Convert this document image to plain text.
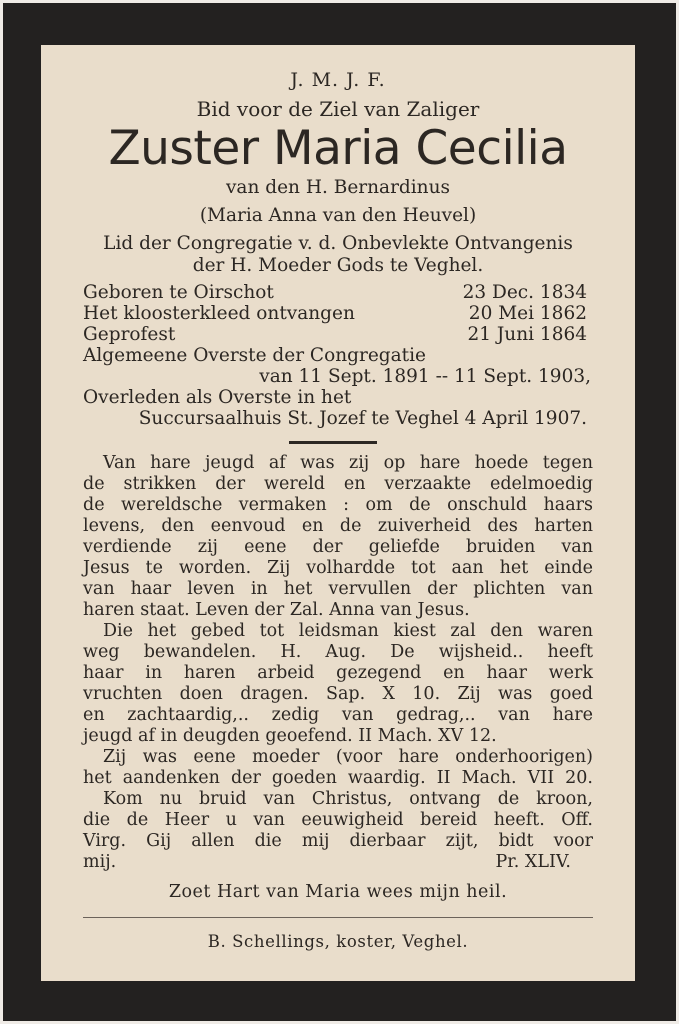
J. M. J. F.
Bid voor de Ziel van Zaliger
Zuster Maria Cecilia
van den H. Bernardinus
(Maria Anna van den Heuvel)
Lid der Congregatie v. d. Onbevlekte Ontvangenis
der H. Moeder Gods te Veghel.
Geboren te Oirschot	23 Dec. 1834
Het kloosterkleed ontvangen	20 Mei 1862
Geprofest	21 Juni 1864
Algemeene Overste der Congregatie
van 11 Sept. 1891 -- 11 Sept. 1903,
Overleden als Overste in het
Succursaalhuis St. Jozef te Veghel 4 April 1907.
Van hare jeugd af was zij op hare hoede tegen
de strikken der wereld en verzaakte edelmoedig
de wereldsche vermaken : om de onschuld haars
levens, den eenvoud en de zuiverheid des harten
verdiende zij eene der geliefde bruiden van
Jesus te worden. Zij volhardde tot aan het einde
van haar leven in het vervullen der plichten van
haren staat. Leven der Zal. Anna van Jesus.
Die het gebed tot leidsman kiest zal den waren
weg bewandelen. H. Aug. De wijsheid.. heeft
haar in haren arbeid gezegend en haar werk
vruchten doen dragen. Sap. X 10. Zij was goed
en zachtaardig,.. zedig van gedrag,.. van hare
jeugd af in deugden geoefend. II Mach. XV 12.
Zij was eene moeder (voor hare onderhoorigen)
het aandenken der goeden waardig. II Mach. VII 20.
Kom nu bruid van Christus, ontvang de kroon,
die de Heer u van eeuwigheid bereid heeft. Off.
Virg. Gij allen die mij dierbaar zijt, bidt voor
mij.	Pr. XLIV.
Zoet Hart van Maria wees mijn heil.
B. Schellings, koster, Veghel.
